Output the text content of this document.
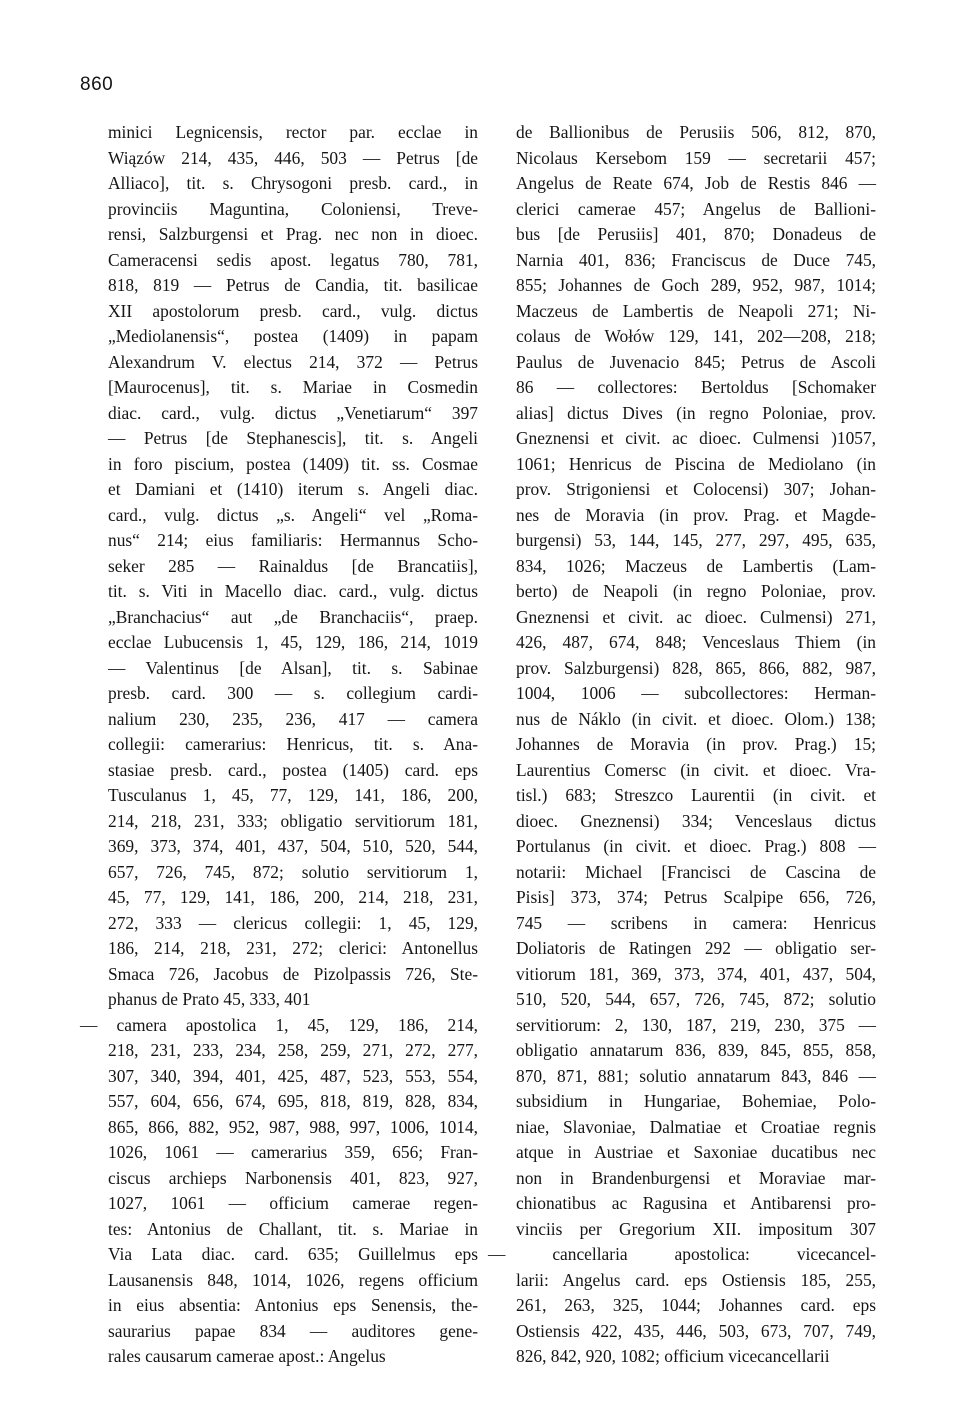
860
minici Legnicensis, rector par. ecclae in
Wiązów 214, 435, 446, 503 — Petrus [de
Alliaco], tit. s. Chrysogoni presb. card., in
provinciis Maguntina, Coloniensi, Treve-
rensi, Salzburgensi et Prag. nec non in dioec.
Cameracensi sedis apost. legatus 780, 781,
818, 819 — Petrus de Candia, tit. basilicae
XII apostolorum presb. card., vulg. dictus
„Mediolanensis“, postea (1409) in papam
Alexandrum V. electus 214, 372 — Petrus
[Maurocenus], tit. s. Mariae in Cosmedin
diac. card., vulg. dictus „Venetiarum“ 397
— Petrus [de Stephanescis], tit. s. Angeli
in foro piscium, postea (1409) tit. ss. Cosmae
et Damiani et (1410) iterum s. Angeli diac.
card., vulg. dictus „s. Angeli“ vel „Roma-
nus“ 214; eius familiaris: Hermannus Scho-
seker 285 — Rainaldus [de Brancatiis],
tit. s. Viti in Macello diac. card., vulg. dictus
„Branchacius“ aut „de Branchaciis“, praep.
ecclae Lubucensis 1, 45, 129, 186, 214, 1019
— Valentinus [de Alsan], tit. s. Sabinae
presb. card. 300 — s. collegium cardi-
nalium 230, 235, 236, 417 — camera
collegii: camerarius: Henricus, tit. s. Ana-
stasiae presb. card., postea (1405) card. eps
Tusculanus 1, 45, 77, 129, 141, 186, 200,
214, 218, 231, 333; obligatio servitiorum 181,
369, 373, 374, 401, 437, 504, 510, 520, 544,
657, 726, 745, 872; solutio servitiorum 1,
45, 77, 129, 141, 186, 200, 214, 218, 231,
272, 333 — clericus collegii: 1, 45, 129,
186, 214, 218, 231, 272; clerici: Antonellus
Smaca 726, Jacobus de Pizolpassis 726, Ste-
phanus de Prato 45, 333, 401
— camera apostolica 1, 45, 129, 186, 214,
218, 231, 233, 234, 258, 259, 271, 272, 277,
307, 340, 394, 401, 425, 487, 523, 553, 554,
557, 604, 656, 674, 695, 818, 819, 828, 834,
865, 866, 882, 952, 987, 988, 997, 1006, 1014,
1026, 1061 — camerarius 359, 656; Fran-
ciscus archieps Narbonensis 401, 823, 927,
1027, 1061 — officium camerae regen-
tes: Antonius de Challant, tit. s. Mariae in
Via Lata diac. card. 635; Guillelmus eps
Lausanensis 848, 1014, 1026, regens officium
in eius absentia: Antonius eps Senensis, the-
saurarius papae 834 — auditores gene-
rales causarum camerae apost.: Angelus
de Ballionibus de Perusiis 506, 812, 870,
Nicolaus Kersebom 159 — secretarii 457;
Angelus de Reate 674, Job de Restis 846 —
clerici camerae 457; Angelus de Ballioni-
bus [de Perusiis] 401, 870; Donadeus de
Narnia 401, 836; Franciscus de Duce 745,
855; Johannes de Goch 289, 952, 987, 1014;
Maczeus de Lambertis de Neapoli 271; Ni-
colaus de Wołów 129, 141, 202—208, 218;
Paulus de Juvenacio 845; Petrus de Ascoli
86 — collectores: Bertoldus [Schomaker
alias] dictus Dives (in regno Poloniae, prov.
Gneznensi et civit. ac dioec. Culmensi )1057,
1061; Henricus de Piscina de Mediolano (in
prov. Strigoniensi et Colocensi) 307; Johan-
nes de Moravia (in prov. Prag. et Magde-
burgensi) 53, 144, 145, 277, 297, 495, 635,
834, 1026; Maczeus de Lambertis (Lam-
berto) de Neapoli (in regno Poloniae, prov.
Gneznensi et civit. ac dioec. Culmensi) 271,
426, 487, 674, 848; Venceslaus Thiem (in
prov. Salzburgensi) 828, 865, 866, 882, 987,
1004, 1006 — subcollectores: Herman-
nus de Náklo (in civit. et dioec. Olom.) 138;
Johannes de Moravia (in prov. Prag.) 15;
Laurentius Comersc (in civit. et dioec. Vra-
tisl.) 683; Streszco Laurentii (in civit. et
dioec. Gneznensi) 334; Venceslaus dictus
Portulanus (in civit. et dioec. Prag.) 808 —
notarii: Michael [Francisci de Cascina de
Pisis] 373, 374; Petrus Scalpipe 656, 726,
745 — scribens in camera: Henricus
Doliatoris de Ratingen 292 — obligatio ser-
vitiorum 181, 369, 373, 374, 401, 437, 504,
510, 520, 544, 657, 726, 745, 872; solutio
servitiorum: 2, 130, 187, 219, 230, 375 —
obligatio annatarum 836, 839, 845, 855, 858,
870, 871, 881; solutio annatarum 843, 846 —
subsidium in Hungariae, Bohemiae, Polo-
niae, Slavoniae, Dalmatiae et Croatiae regnis
atque in Austriae et Saxoniae ducatibus nec
non in Brandenburgensi et Moraviae mar-
chionatibus ac Ragusina et Antibarensi pro-
vinciis per Gregorium XII. impositum 307
— cancellaria apostolica: vicecancel-
larii: Angelus card. eps Ostiensis 185, 255,
261, 263, 325, 1044; Johannes card. eps
Ostiensis 422, 435, 446, 503, 673, 707, 749,
826, 842, 920, 1082; officium vicecancellarii
